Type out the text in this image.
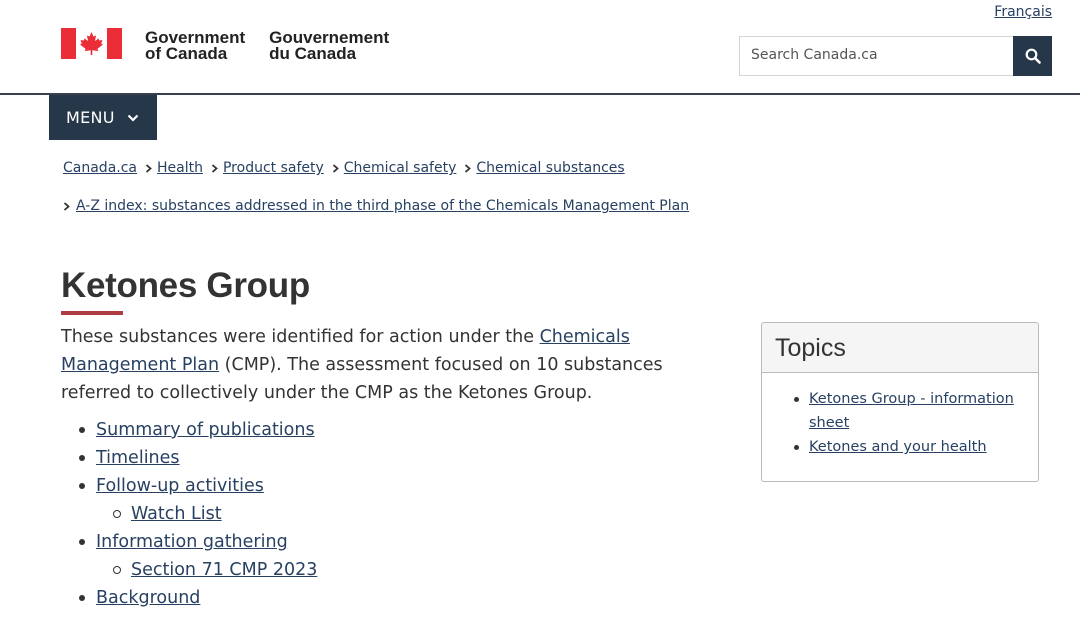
Français
Government
of Canada
Gouvernement
du Canada	Search Canada.ca
MENU
Canada.ca Health Product safety Chemical safety Chemical substances
A-Z index: substances addressed in the third phase of the Chemicals Management Plan
Ketones Group

These substances were identified for action under the Chemicals Management Plan (CMP). The assessment focused on 10 substances referred to collectively under the CMP as the Ketones Group.

Summary of publications
Timelines
Follow-up activities
Watch List
Information gathering
Section 71 CMP 2023
Background
Topics
Ketones Group - information sheet
Ketones and your health
